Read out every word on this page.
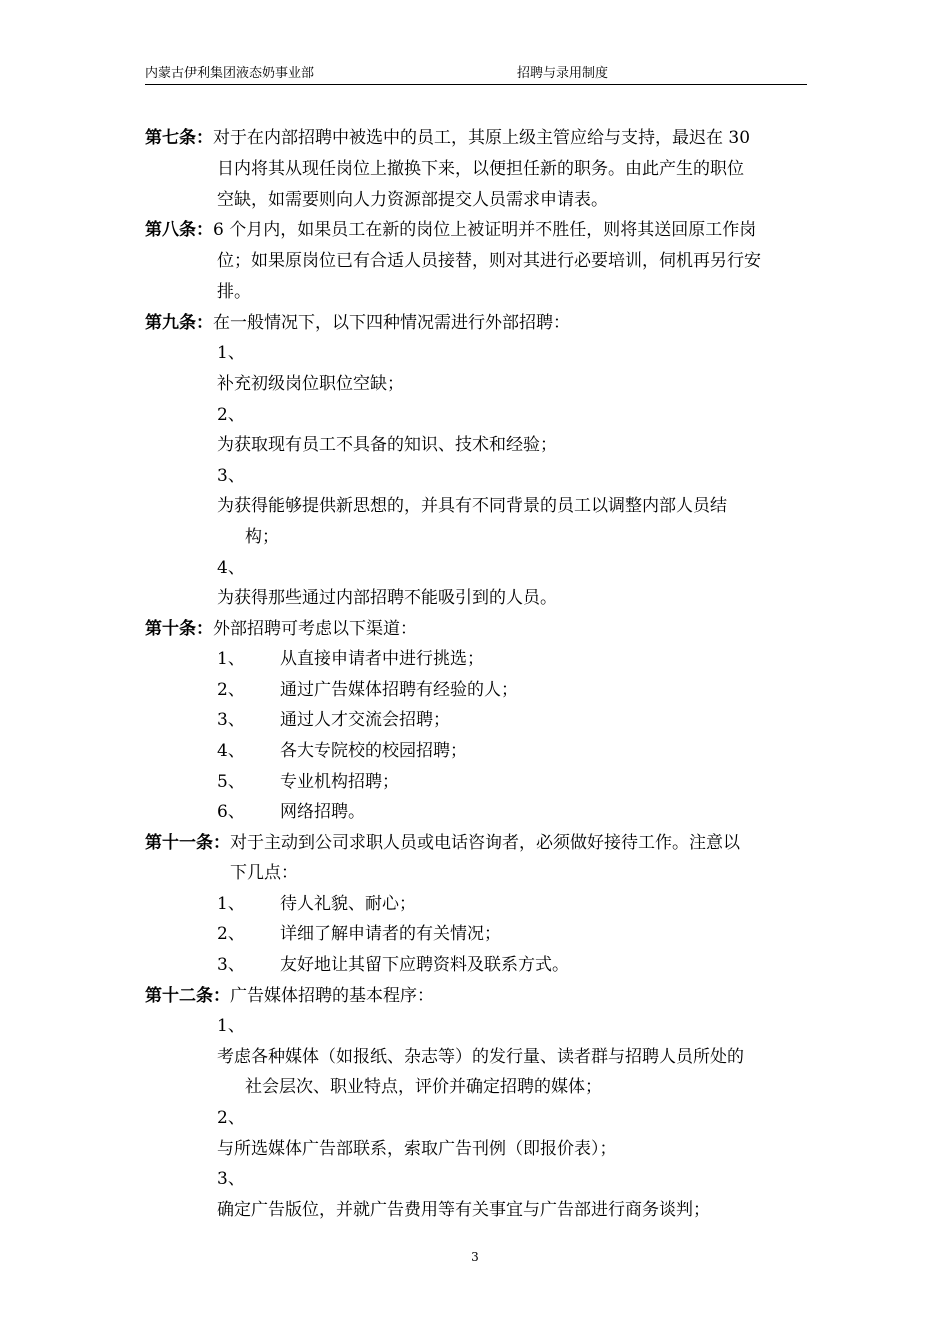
内蒙古伊利集团液态奶事业部	招聘与录用制度
第七条：对于在内部招聘中被选中的员工，其原上级主管应给与支持，最迟在 30
日内将其从现任岗位上撤换下来，以便担任新的职务。由此产生的职位
空缺，如需要则向人力资源部提交人员需求申请表。
第八条：6 个月内，如果员工在新的岗位上被证明并不胜任，则将其送回原工作岗
位；如果原岗位已有合适人员接替，则对其进行必要培训，伺机再另行安
排。
第九条：在一般情况下，以下四种情况需进行外部招聘：
1、
补充初级岗位职位空缺；
2、
为获取现有员工不具备的知识、技术和经验；
3、
为获得能够提供新思想的，并具有不同背景的员工以调整内部人员结
构；
4、
为获得那些通过内部招聘不能吸引到的人员。
第十条：外部招聘可考虑以下渠道：
1、 从直接申请者中进行挑选；
2、 通过广告媒体招聘有经验的人；
3、 通过人才交流会招聘；
4、 各大专院校的校园招聘；
5、 专业机构招聘；
6、 网络招聘。
第十一条：对于主动到公司求职人员或电话咨询者，必须做好接待工作。注意以
下几点：
1、 待人礼貌、耐心；
2、 详细了解申请者的有关情况；
3、 友好地让其留下应聘资料及联系方式。
第十二条：广告媒体招聘的基本程序：
1、
考虑各种媒体（如报纸、杂志等）的发行量、读者群与招聘人员所处的
社会层次、职业特点，评价并确定招聘的媒体；
2、
与所选媒体广告部联系，索取广告刊例（即报价表）；
3、
确定广告版位，并就广告费用等有关事宜与广告部进行商务谈判；
3
